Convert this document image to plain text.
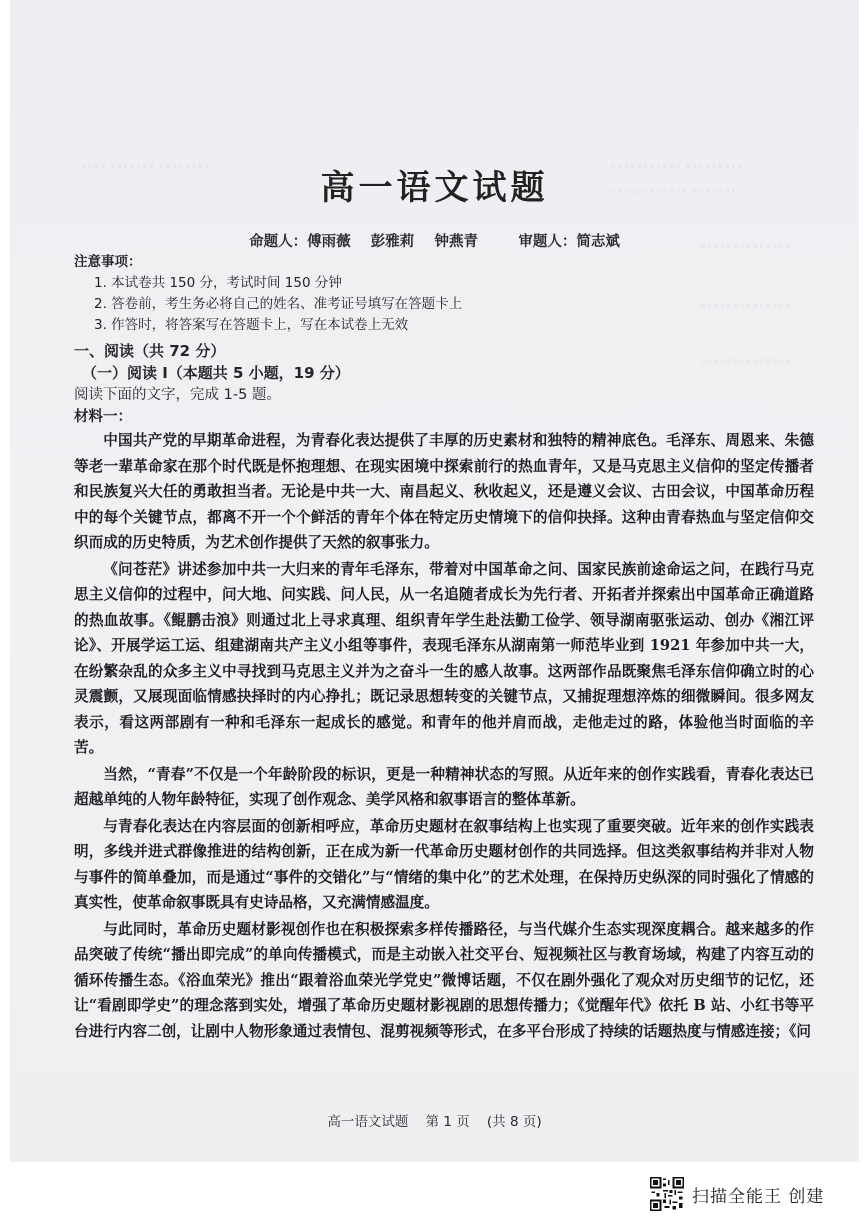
◦◦◦◦ ◦◦◦◦◦◦◦ ◦◦◦◦◦◦◦◦	◦◦◦◦◦◦◦◦◦◦◦ ◦◦◦◦◦◦◦◦◦
◦◦◦◦◦◦◦◦◦◦◦◦ ◦◦◦◦◦◦◦
◦◦◦◦◦◦◦◦◦◦◦◦◦◦
◦◦◦◦◦◦◦◦◦◦◦◦◦◦
◦◦◦◦◦◦◦◦◦◦◦◦◦◦
高一语文试题
命题人：傅雨薇    彭雅莉    钟燕青        审题人：简志斌
注意事项：
1. 本试卷共 150 分，考试时间 150 分钟
2. 答卷前，考生务必将自己的姓名、准考证号填写在答题卡上
3. 作答时，将答案写在答题卡上，写在本试卷上无效
一、阅读（共 72 分）
（一）阅读 I（本题共 5 小题，19 分）
阅读下面的文字，完成 1-5 题。
材料一：

中国共产党的早期革命进程，为青春化表达提供了丰厚的历史素材和独特的精神底色。毛泽东、周恩来、朱德等老一辈革命家在那个时代既是怀抱理想、在现实困境中探索前行的热血青年，又是马克思主义信仰的坚定传播者和民族复兴大任的勇敢担当者。无论是中共一大、南昌起义、秋收起义，还是遵义会议、古田会议，中国革命历程中的每个关键节点，都离不开一个个鲜活的青年个体在特定历史情境下的信仰抉择。这种由青春热血与坚定信仰交织而成的历史特质，为艺术创作提供了天然的叙事张力。

《问苍茫》讲述参加中共一大归来的青年毛泽东，带着对中国革命之问、国家民族前途命运之问，在践行马克思主义信仰的过程中，问大地、问实践、问人民，从一名追随者成长为先行者、开拓者并探索出中国革命正确道路的热血故事。《鲲鹏击浪》则通过北上寻求真理、组织青年学生赴法勤工俭学、领导湖南驱张运动、创办《湘江评论》、开展学运工运、组建湖南共产主义小组等事件，表现毛泽东从湖南第一师范毕业到 1921 年参加中共一大，在纷繁杂乱的众多主义中寻找到马克思主义并为之奋斗一生的感人故事。这两部作品既聚焦毛泽东信仰确立时的心灵震颤，又展现面临情感抉择时的内心挣扎；既记录思想转变的关键节点，又捕捉理想淬炼的细微瞬间。很多网友表示，看这两部剧有一种和毛泽东一起成长的感觉。和青年的他并肩而战，走他走过的路，体验他当时面临的辛苦。

当然，“青春”不仅是一个年龄阶段的标识，更是一种精神状态的写照。从近年来的创作实践看，青春化表达已超越单纯的人物年龄特征，实现了创作观念、美学风格和叙事语言的整体革新。

与青春化表达在内容层面的创新相呼应，革命历史题材在叙事结构上也实现了重要突破。近年来的创作实践表明，多线并进式群像推进的结构创新，正在成为新一代革命历史题材创作的共同选择。但这类叙事结构并非对人物与事件的简单叠加，而是通过“事件的交错化”与“情绪的集中化”的艺术处理，在保持历史纵深的同时强化了情感的真实性，使革命叙事既具有史诗品格，又充满情感温度。

与此同时，革命历史题材影视创作也在积极探索多样传播路径，与当代媒介生态实现深度耦合。越来越多的作品突破了传统“播出即完成”的单向传播模式，而是主动嵌入社交平台、短视频社区与教育场域，构建了内容互动的循环传播生态。《浴血荣光》推出“跟着浴血荣光学党史”微博话题，不仅在剧外强化了观众对历史细节的记忆，还让“看剧即学史”的理念落到实处，增强了革命历史题材影视剧的思想传播力；《觉醒年代》依托 B 站、小红书等平台进行内容二创，让剧中人物形象通过表情包、混剪视频等形式，在多平台形成了持续的话题热度与情感连接；《问

高一语文试题    第 1 页    (共 8 页)
扫描全能王 创建
